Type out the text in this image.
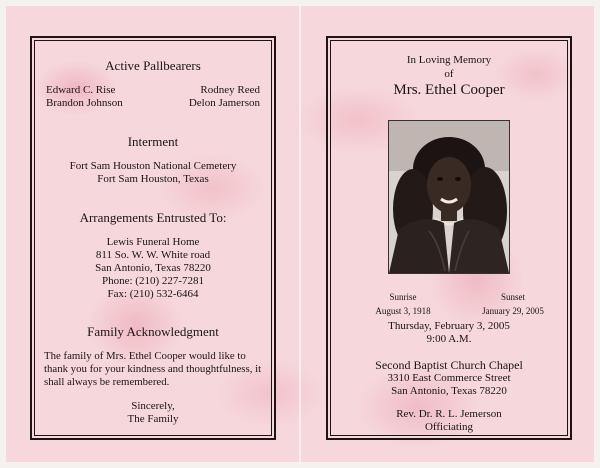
Active Pallbearers
Edward C. Rise
Brandon Johnson
Rodney Reed
Delon Jamerson
Interment
Fort Sam Houston National Cemetery
Fort Sam Houston, Texas
Arrangements Entrusted To:
Lewis Funeral Home
811 So. W. W. White road
San Antonio, Texas 78220
Phone: (210) 227-7281
Fax: (210) 532-6464
Family Acknowledgment
The family of Mrs. Ethel Cooper would like to thank you for your kindness and thoughtfulness, it shall always be remembered.
Sincerely,
The Family
In Loving Memory
of
Mrs. Ethel Cooper
Sunrise
August 3, 1918
Sunset
January 29, 2005
Thursday, February 3, 2005
9:00 A.M.
Second Baptist Church Chapel
3310 East Commerce Street
San Antonio, Texas 78220
Rev. Dr. R. L. Jemerson
Officiating
